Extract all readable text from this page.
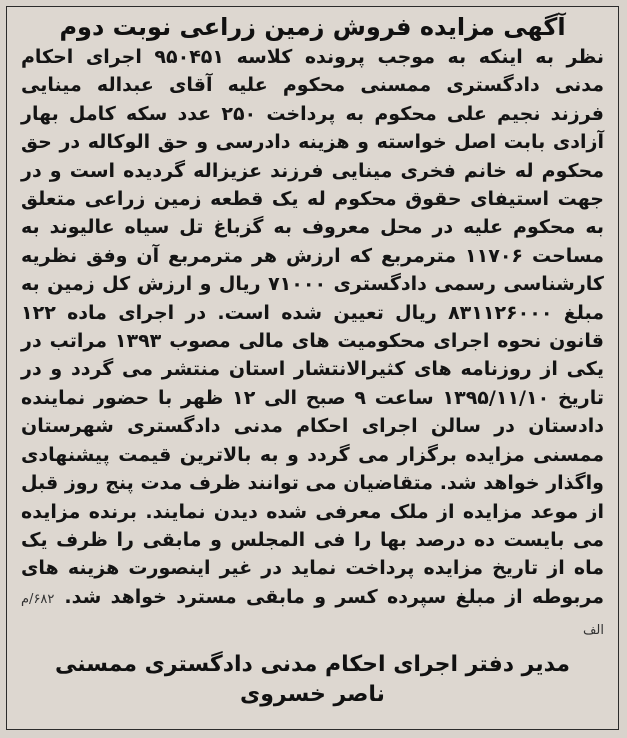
آگهی مزایده فروش زمین زراعی نوبت دوم
نظر به اینکه به موجب پرونده کلاسه ۹۵۰۴۵۱ اجرای احکام مدنی دادگستری ممسنی محکوم علیه آقای عبداله مینایی فرزند نجیم علی محکوم به پرداخت ۲۵۰ عدد سکه کامل بهار آزادی بابت اصل خواسته و هزینه دادرسی و حق الوکاله در حق محکوم له خانم فخری مینایی فرزند عزیزاله گردیده است و در جهت استیفای حقوق محکوم له یک قطعه زمین زراعی متعلق به محکوم علیه در محل معروف به گزباغ تل سیاه عالیوند به مساحت ۱۱۷۰۶ مترمربع که ارزش هر مترمربع آن وفق نظریه کارشناسی رسمی دادگستری ۷۱۰۰۰ ریال و ارزش کل زمین به مبلغ ۸۳۱۱۲۶۰۰۰ ریال تعیین شده است. در اجرای ماده ۱۲۲ قانون نحوه اجرای محکومیت های مالی مصوب ۱۳۹۳ مراتب در یکی از روزنامه های کثیرالانتشار استان منتشر می گردد و در تاریخ ۱۳۹۵/۱۱/۱۰ ساعت ۹ صبح الی ۱۲ ظهر با حضور نماینده دادستان در سالن اجرای احکام مدنی دادگستری شهرستان ممسنی مزایده برگزار می گردد و به بالاترین قیمت پیشنهادی واگذار خواهد شد. متقاضیان می توانند ظرف مدت پنج روز قبل از موعد مزایده از ملک معرفی شده دیدن نمایند. برنده مزایده می بایست ده درصد بها را فی المجلس و مابقی را ظرف یک ماه از تاریخ مزایده پرداخت نماید در غیر اینصورت هزینه های مربوطه از مبلغ سپرده کسر و مابقی مسترد خواهد شد.۶۸۲/م الف
مدیر دفتر اجرای احکام مدنی دادگستری ممسنی
ناصر خسروی
